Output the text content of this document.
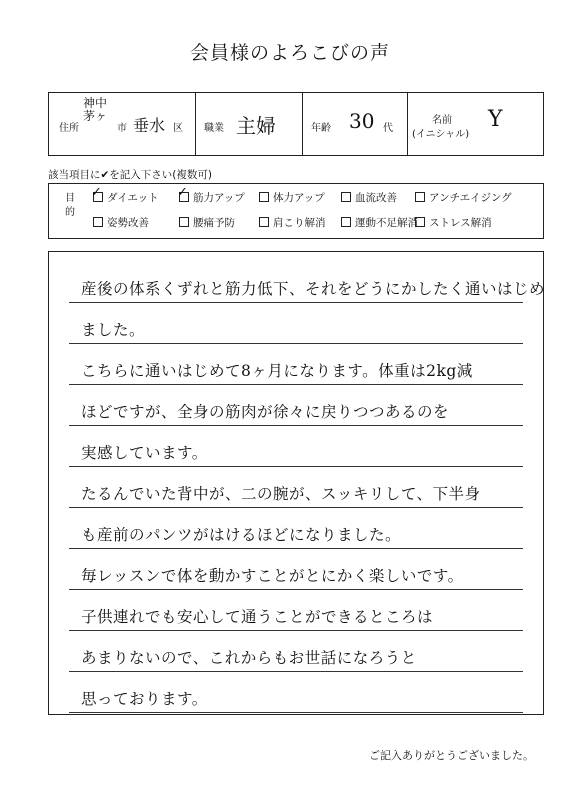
会員様のよろこびの声
住所
神中
茅ヶ
市 垂水 区 職業 主婦	年齢 30 代
名前
(イニシャル)
Y
該当項目に✔を記入下さい(複数可)
目的
✓ダイエット
✓	筋力アップ	体力アップ	血流改善	アンチエイジング
姿勢改善	腰痛予防	肩こり解消	運動不足解消	ストレス解消
産後の体系くずれと筋力低下、それをどうにかしたく通いはじめ
ました。
こちらに通いはじめて8ヶ月になります。体重は2kg減
ほどですが、全身の筋肉が徐々に戻りつつあるのを
実感しています。
たるんでいた背中が、二の腕が、スッキリして、下半身
も産前のパンツがはけるほどになりました。
毎レッスンで体を動かすことがとにかく楽しいです。
子供連れでも安心して通うことができるところは
あまりないので、これからもお世話になろうと
思っております。
ご記入ありがとうございました。
